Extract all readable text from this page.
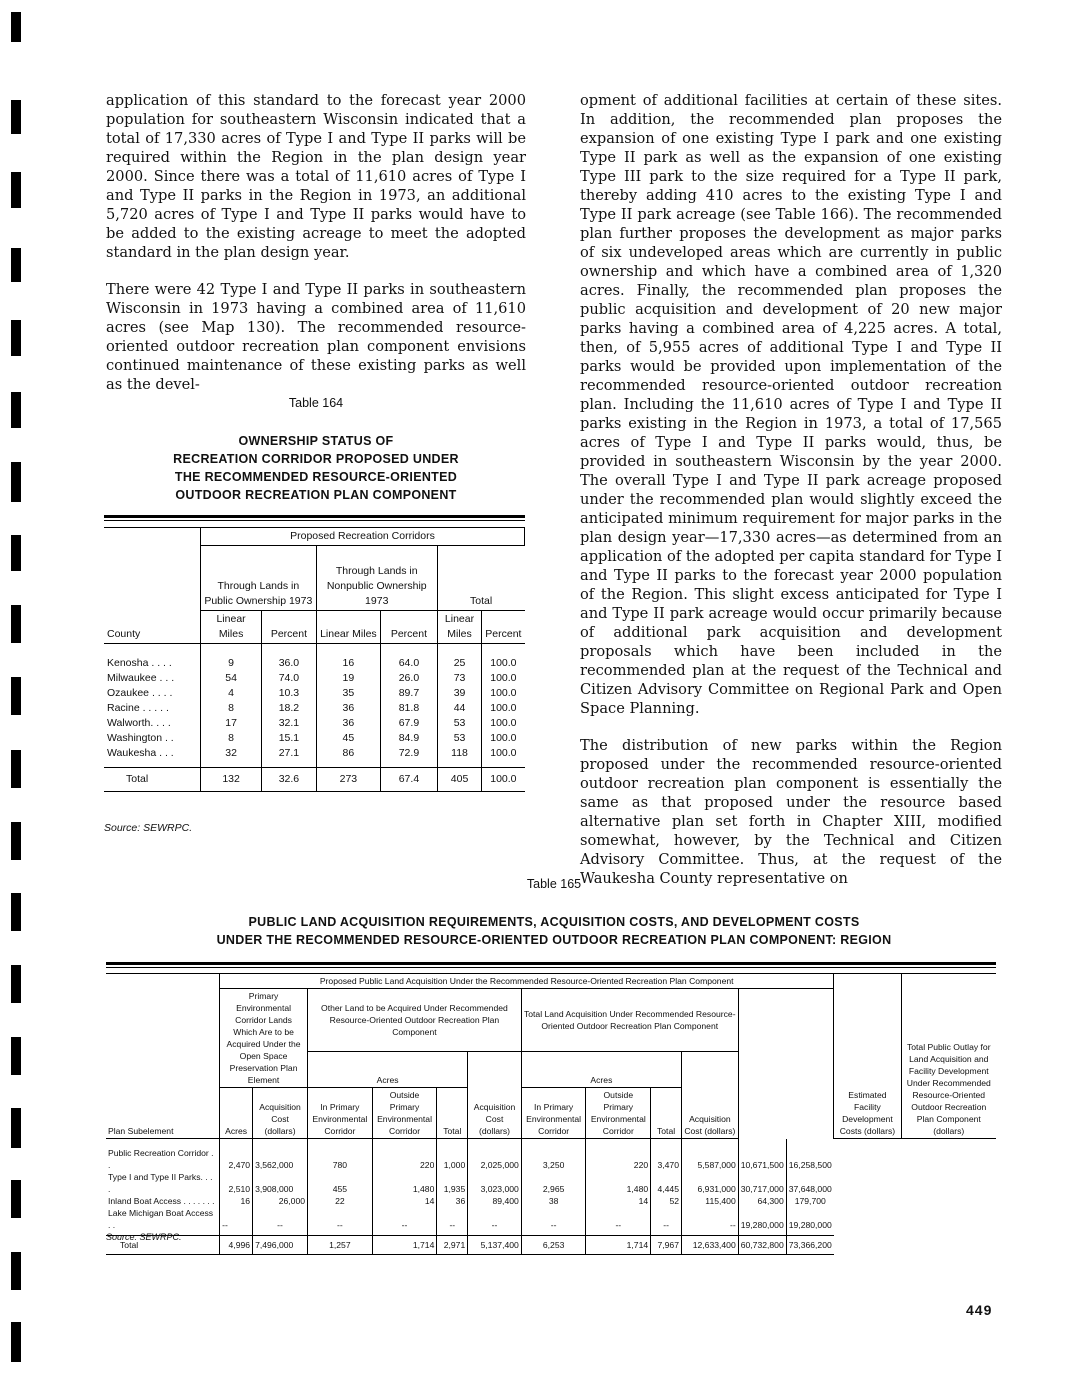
application of this standard to the forecast year 2000 population for southeastern Wisconsin indicated that a total of 17,330 acres of Type I and Type II parks will be required within the Region in the plan design year 2000. Since there was a total of 11,610 acres of Type I and Type II parks in the Region in 1973, an additional 5,720 acres of Type I and Type II parks would have to be added to the existing acreage to meet the adopted standard in the plan design year.

There were 42 Type I and Type II parks in southeastern Wisconsin in 1973 having a combined area of 11,610 acres (see Map 130). The recommended resource-oriented outdoor recreation plan component envisions continued maintenance of these existing parks as well as the devel-

opment of additional facilities at certain of these sites. In addition, the recommended plan proposes the expansion of one existing Type I park and one existing Type II park as well as the expansion of one existing Type III park to the size required for a Type II park, thereby adding 410 acres to the existing Type I and Type II park acreage (see Table 166). The recommended plan further proposes the development as major parks of six undeveloped areas which are currently in public ownership and which have a combined area of 1,320 acres. Finally, the recommended plan proposes the public acquisition and development of 20 new major parks having a combined area of 4,225 acres. A total, then, of 5,955 acres of additional Type I and Type II parks would be provided upon implementation of the recommended resource-oriented outdoor recreation plan. Including the 11,610 acres of Type I and Type II parks existing in the Region in 1973, a total of 17,565 acres of Type I and Type II parks would, thus, be provided in southeastern Wisconsin by the year 2000. The overall Type I and Type II park acreage proposed under the recommended plan would slightly exceed the anticipated minimum requirement for major parks in the plan design year—17,330 acres—as determined from an application of the adopted per capita standard for Type I and Type II parks to the forecast year 2000 population of the Region. This slight excess anticipated for Type I and Type II park acreage would occur primarily because of additional park acquisition and development proposals which have been included in the recommended plan at the request of the Technical and Citizen Advisory Committee on Regional Park and Open Space Planning.

The distribution of new parks within the Region proposed under the recommended resource-oriented outdoor recreation plan component is essentially the same as that proposed under the resource based alternative plan set forth in Chapter XIII, modified somewhat, however, by the Technical and Citizen Advisory Committee. Thus, at the request of the Waukesha County representative on

Table 164
OWNERSHIP STATUS OF
RECREATION CORRIDOR PROPOSED UNDER
THE RECOMMENDED RESOURCE-ORIENTED
OUTDOOR RECREATION PLAN COMPONENT
County	Proposed Recreation Corridors					
	Through Lands in Public Ownership 1973		Through Lands in Nonpublic Ownership 1973		Total	
	Linear Miles	Percent	Linear Miles	Percent	Linear Miles	Percent
Kenosha . . . .	9	36.0	16	64.0	25	100.0
Milwaukee . . .	54	74.0	19	26.0	73	100.0
Ozaukee . . . .	4	10.3	35	89.7	39	100.0
Racine . . . . .	8	18.2	36	81.8	44	100.0
Walworth. . . .	17	32.1	36	67.9	53	100.0
Washington . .	8	15.1	45	84.9	53	100.0
Waukesha . . .	32	27.1	86	72.9	118	100.0
Total	132	32.6	273	67.4	405	100.0
Source: SEWRPC.
Table 165
PUBLIC LAND ACQUISITION REQUIREMENTS, ACQUISITION COSTS, AND DEVELOPMENT COSTS
UNDER THE RECOMMENDED RESOURCE-ORIENTED OUTDOOR RECREATION PLAN COMPONENT: REGION
Plan Subelement	Proposed Public Land Acquisition Under the Recommended Resource-Oriented Recreation Plan Component												Estimated Facility Development Costs (dollars)	Total Public Outlay for Land Acquisition and Facility Development Under Recommended Resource-Oriented Outdoor Recreation Plan Component (dollars)
	Primary Environmental Corridor Lands Which Are to be Acquired Under the Open Space Preservation Plan Element		Other Land to be Acquired Under Recommended Resource-Oriented Outdoor Recreation Plan Component				Total Land Acquisition Under Recommended Resource-Oriented Outdoor Recreation Plan Component							
			Acres			Acquisition Cost (dollars)	Acres			Acquisition Cost (dollars)				
	Acres	Acquisition Cost (dollars)	In Primary Environmental Corridor	Outside Primary Environmental Corridor	Total		In Primary Environmental Corridor	Outside Primary Environmental Corridor	Total					
Public Recreation Corridor . .	2,470	3,562,000	780	220	1,000	2,025,000	3,250	220	3,470	5,587,000	10,671,500	16,258,500		
Type I and Type II Parks. . . .	2,510	3,908,000	455	1,480	1,935	3,023,000	2,965	1,480	4,445	6,931,000	30,717,000	37,648,000		
Inland Boat Access . . . . . . .	16	26,000	22	14	36	89,400	38	14	52	115,400	64,300	179,700		
Lake Michigan Boat Access . .	--	--	--	--	--	--	--	--	--	--	19,280,000	19,280,000		
Total	4,996	7,496,000	1,257	1,714	2,971	5,137,400	6,253	1,714	7,967	12,633,400	60,732,800	73,366,200		
Source: SEWRPC.
449
